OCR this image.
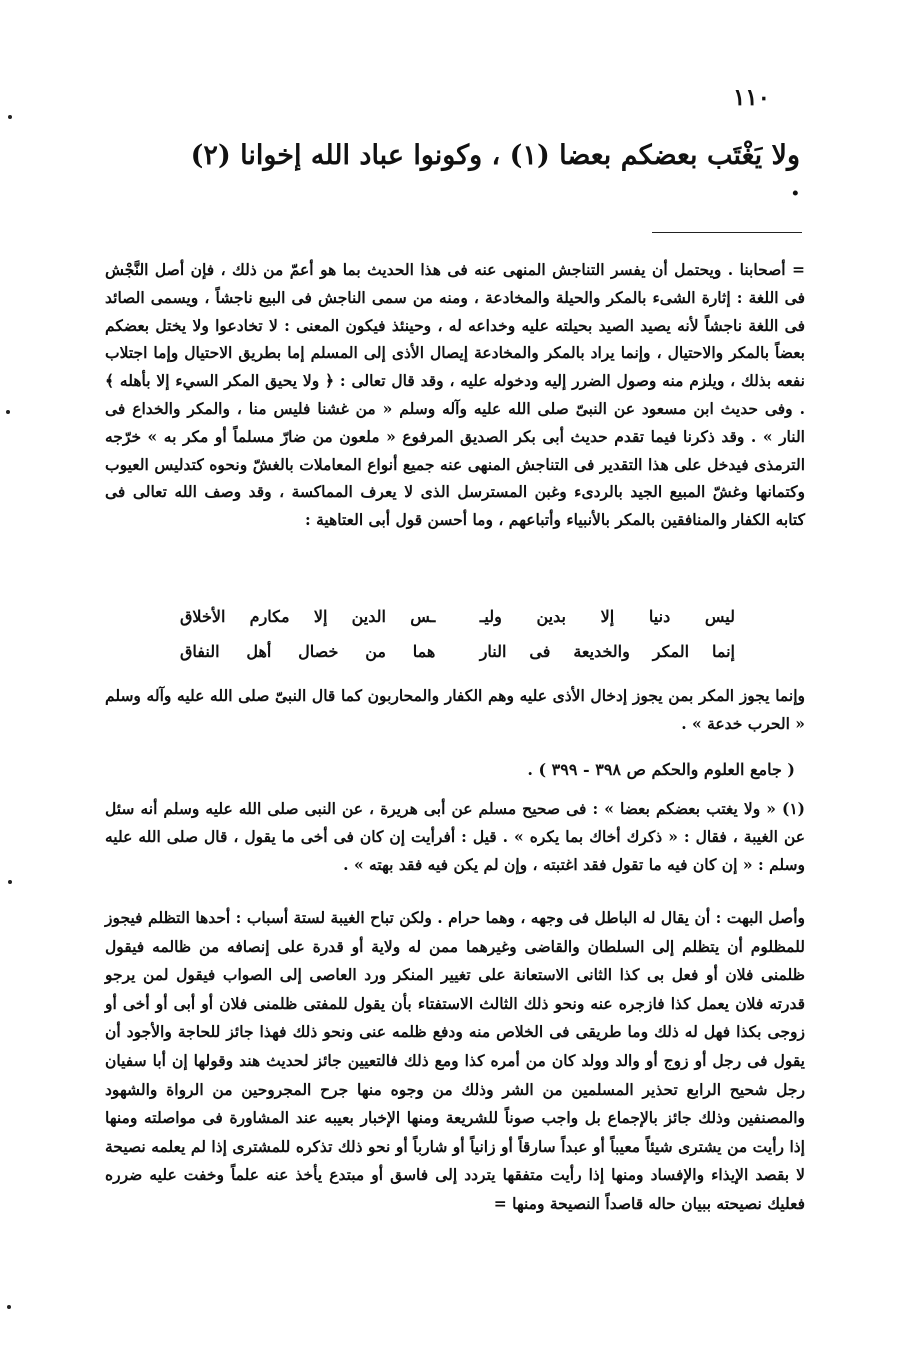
١١٠
ولا يَغْتَب بعضكم بعضا (١) ، وكونوا عباد الله إخوانا (٢) .
= أصحابنا . ويحتمل أن يفسر التناجش المنهى عنه فى هذا الحديث بما هو أعمّ من ذلك ، فإن أصل النَّجْش فى اللغة : إثارة الشىء بالمكر والحيلة والمخادعة ، ومنه من سمى الناجش فى البيع ناجشاً ، ويسمى الصائد فى اللغة ناجشاً لأنه يصيد الصيد بحيلته عليه وخداعه له ، وحينئذ فيكون المعنى : لا تخادعوا ولا يختل بعضكم بعضاً بالمكر والاحتيال ، وإنما يراد بالمكر والمخادعة إيصال الأذى إلى المسلم إما بطريق الاحتيال وإما اجتلاب نفعه بذلك ، ويلزم منه وصول الضرر إليه ودخوله عليه ، وقد قال تعالى : ﴿ ولا يحيق المكر السيء إلا بأهله ﴾ . وفى حديث ابن مسعود عن النبىّ صلى الله عليه وآله وسلم « من غشنا فليس منا ، والمكر والخداع فى النار » . وقد ذكرنا فيما تقدم حديث أبى بكر الصديق المرفوع « ملعون من ضارّ مسلماً أو مكر به » خرّجه الترمذى فيدخل على هذا التقدير فى التناجش المنهى عنه جميع أنواع المعاملات بالغشّ ونحوه كتدليس العيوب وكتمانها وغشّ المبيع الجيد بالردىء وغبن المسترسل الذى لا يعرف المماكسة ، وقد وصف الله تعالى فى كتابه الكفار والمنافقين بالمكر بالأنبياء وأتباعهم ، وما أحسن قول أبى العتاهية :
ليس دنيا إلا بدين وليـ
ـس الدين إلا مكارم الأخلاق
إنما المكر والخديعة فى النار
هما من خصال أهل النفاق
وإنما يجوز المكر بمن يجوز إدخال الأذى عليه وهم الكفار والمحاربون كما قال النبىّ صلى الله عليه وآله وسلم « الحرب خدعة » .
( جامع العلوم والحكم ص ٣٩٨ - ٣٩٩ ) .
(١) « ولا يغتب بعضكم بعضا » : فى صحيح مسلم عن أبى هريرة ، عن النبى صلى الله عليه وسلم أنه سئل عن الغيبة ، فقال : « ذكرك أخاك بما يكره » . قيل : أفرأيت إن كان فى أخى ما يقول ، قال صلى الله عليه وسلم : « إن كان فيه ما تقول فقد اغتبته ، وإن لم يكن فيه فقد بهته » .
وأصل البهت : أن يقال له الباطل فى وجهه ، وهما حرام . ولكن تباح الغيبة لستة أسباب : أحدها التظلم فيجوز للمظلوم أن يتظلم إلى السلطان والقاضى وغيرهما ممن له ولاية أو قدرة على إنصافه من ظالمه فيقول ظلمنى فلان أو فعل بى كذا الثانى الاستعانة على تغيير المنكر ورد العاصى إلى الصواب فيقول لمن يرجو قدرته فلان يعمل كذا فازجره عنه ونحو ذلك الثالث الاستفتاء بأن يقول للمفتى ظلمنى فلان أو أبى أو أخى أو زوجى بكذا فهل له ذلك وما طريقى فى الخلاص منه ودفع ظلمه عنى ونحو ذلك فهذا جائز للحاجة والأجود أن يقول فى رجل أو زوج أو والد وولد كان من أمره كذا ومع ذلك فالتعيين جائز لحديث هند وقولها إن أبا سفيان رجل شحيح الرابع تحذير المسلمين من الشر وذلك من وجوه منها جرح المجروحين من الرواة والشهود والمصنفين وذلك جائز بالإجماع بل واجب صوناً للشريعة ومنها الإخبار بعيبه عند المشاورة فى مواصلته ومنها إذا رأيت من يشترى شيئاً معيباً أو عبداً سارقاً أو زانياً أو شارباً أو نحو ذلك تذكره للمشترى إذا لم يعلمه نصيحة لا بقصد الإيذاء والإفساد ومنها إذا رأيت متفقها يتردد إلى فاسق أو مبتدع يأخذ عنه علماً وخفت عليه ضرره فعليك نصيحته ببيان حاله قاصداً النصيحة ومنها =
